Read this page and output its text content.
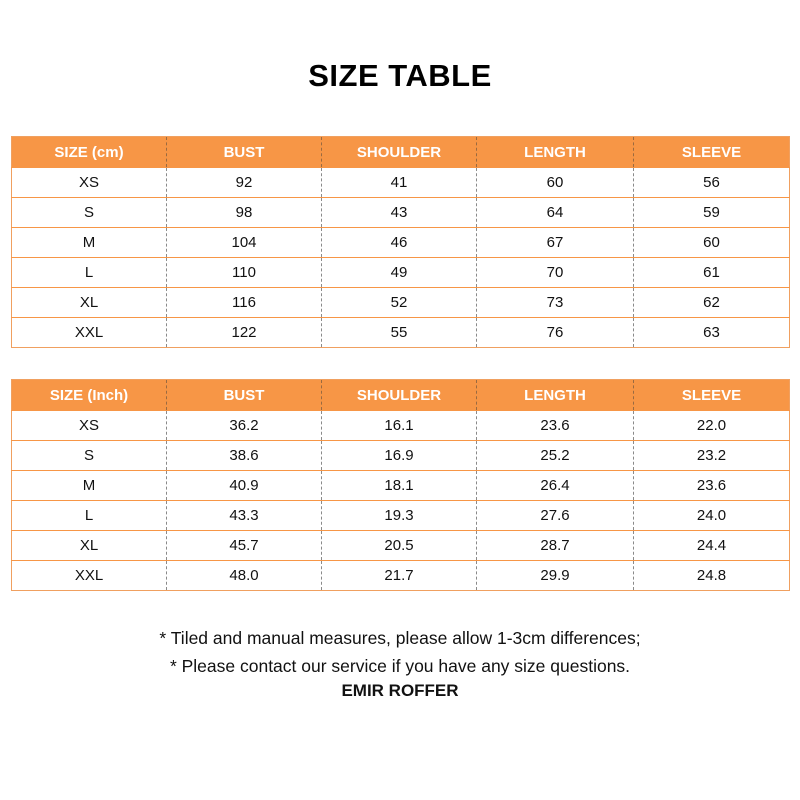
SIZE TABLE
SIZE (cm)	BUST	SHOULDER	LENGTH	SLEEVE
XS	92	41	60	56
S	98	43	64	59
M	104	46	67	60
L	110	49	70	61
XL	116	52	73	62
XXL	122	55	76	63
SIZE (Inch)	BUST	SHOULDER	LENGTH	SLEEVE
XS	36.2	16.1	23.6	22.0
S	38.6	16.9	25.2	23.2
M	40.9	18.1	26.4	23.6
L	43.3	19.3	27.6	24.0
XL	45.7	20.5	28.7	24.4
XXL	48.0	21.7	29.9	24.8
* Tiled and manual measures, please allow 1-3cm differences;
* Please contact our service if you have any size questions.
EMIR ROFFER
